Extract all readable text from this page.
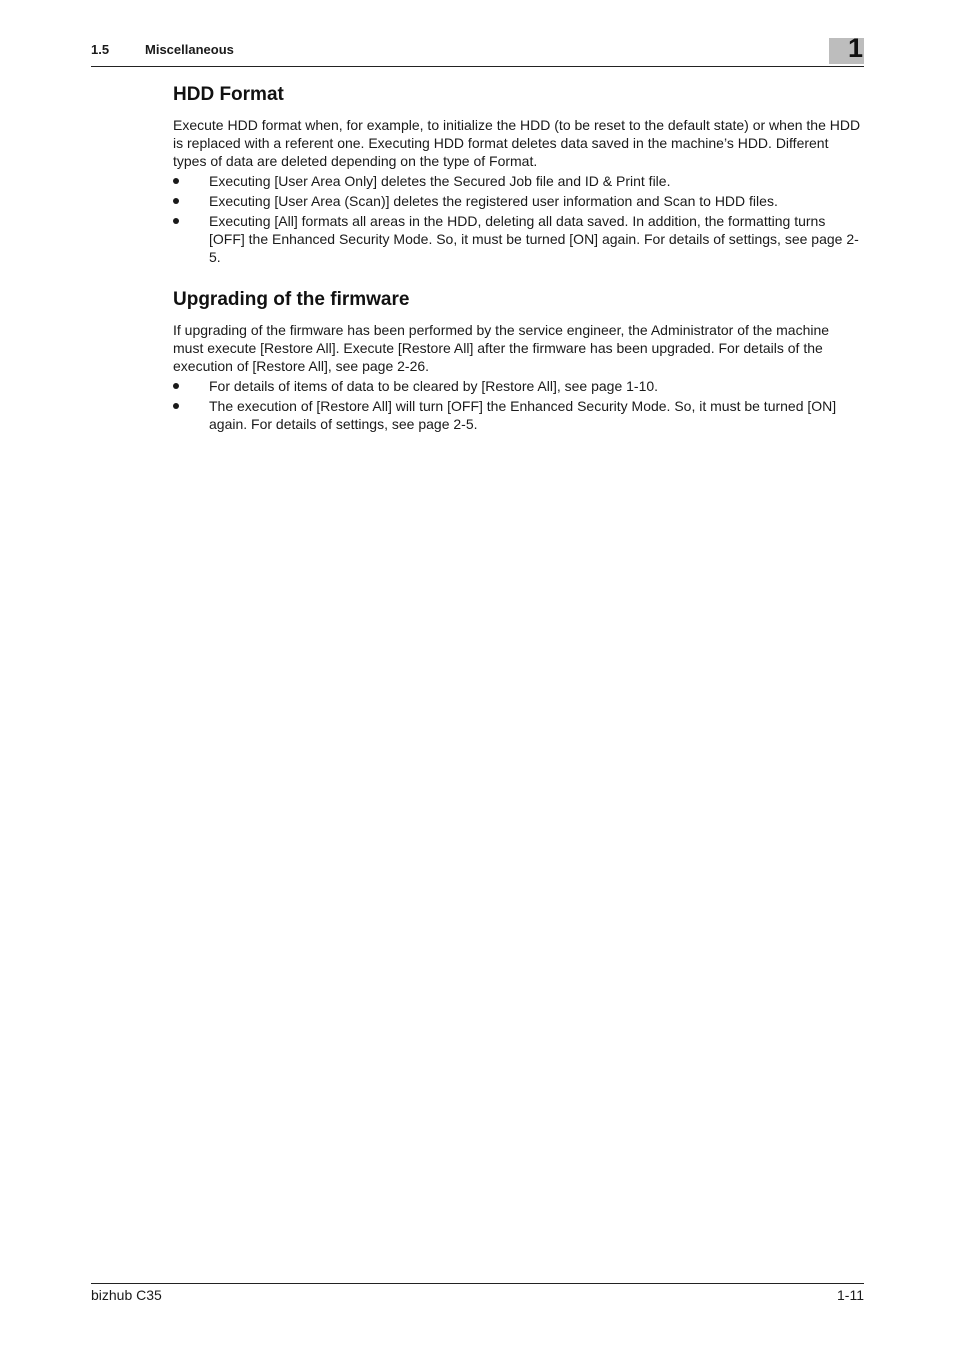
1.5	Miscellaneous	1
HDD Format

Execute HDD format when, for example, to initialize the HDD (to be reset to the default state) or when the HDD is replaced with a referent one. Executing HDD format deletes data saved in the machine’s HDD. Different types of data are deleted depending on the type of Format.

Executing [User Area Only] deletes the Secured Job file and ID & Print file.
Executing [User Area (Scan)] deletes the registered user information and Scan to HDD files.
Executing [All] formats all areas in the HDD, deleting all data saved. In addition, the formatting turns [OFF] the Enhanced Security Mode. So, it must be turned [ON] again. For details of settings, see page 2-5.
Upgrading of the firmware

If upgrading of the firmware has been performed by the service engineer, the Administrator of the machine must execute [Restore All]. Execute [Restore All] after the firmware has been upgraded. For details of the execution of [Restore All], see page 2-26.

For details of items of data to be cleared by [Restore All], see page 1-10.
The execution of [Restore All] will turn [OFF] the Enhanced Security Mode. So, it must be turned [ON] again. For details of settings, see page 2-5.
bizhub C35	1-11
